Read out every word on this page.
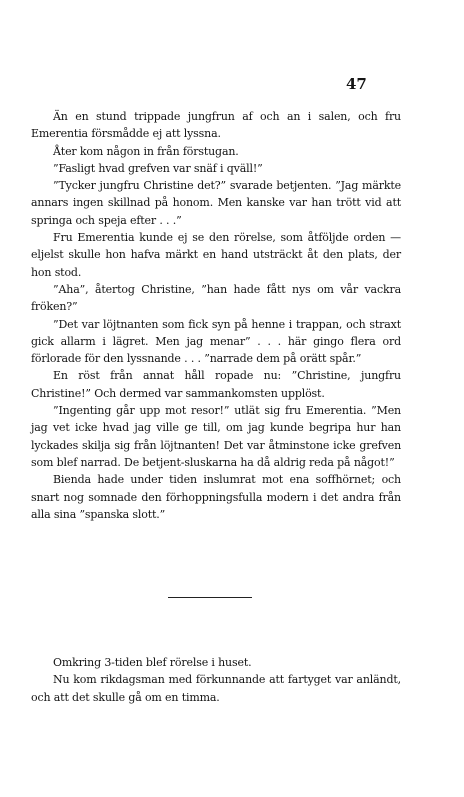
47

Än en stund trippade jungfrun af och an i salen, och fru Emerentia försmådde ej att lyssna.

Åter kom någon in från förstugan.

”Fasligt hvad grefven var snäf i qväll!”

”Tycker jungfru Christine det?” svarade betjenten. ”Jag märkte annars ingen skillnad på honom. Men kanske var han trött vid att springa och speja efter . . .”

Fru Emerentia kunde ej se den rörelse, som åtföljde orden — eljelst skulle hon hafva märkt en hand utsträckt åt den plats, der hon stod.

”Aha”, återtog Christine, ”han hade fått nys om vår vackra fröken?”

”Det var löjtnanten som fick syn på henne i trappan, och straxt gick allarm i lägret. Men jag menar” . . . här gingo flera ord förlorade för den lyssnande . . . ”narrade dem på orätt spår.”

En röst från annat håll ropade nu: ”Christine, jungfru Christine!” Och dermed var sammankomsten upplöst.

”Ingenting går upp mot resor!” utlät sig fru Emerentia. ”Men jag vet icke hvad jag ville ge till, om jag kunde begripa hur han lyckades skilja sig från löjtnanten! Det var åtminstone icke grefven som blef narrad. De betjent-sluskarna ha då aldrig reda på något!”

Bienda hade under tiden inslumrat mot ena soffhörnet; och snart nog somnade den förhoppningsfulla modern i det andra från alla sina ”spanska slott.”

Omkring 3-tiden blef rörelse i huset.

Nu kom rikdagsman med förkunnande att fartyget var anländt, och att det skulle gå om en timma.
